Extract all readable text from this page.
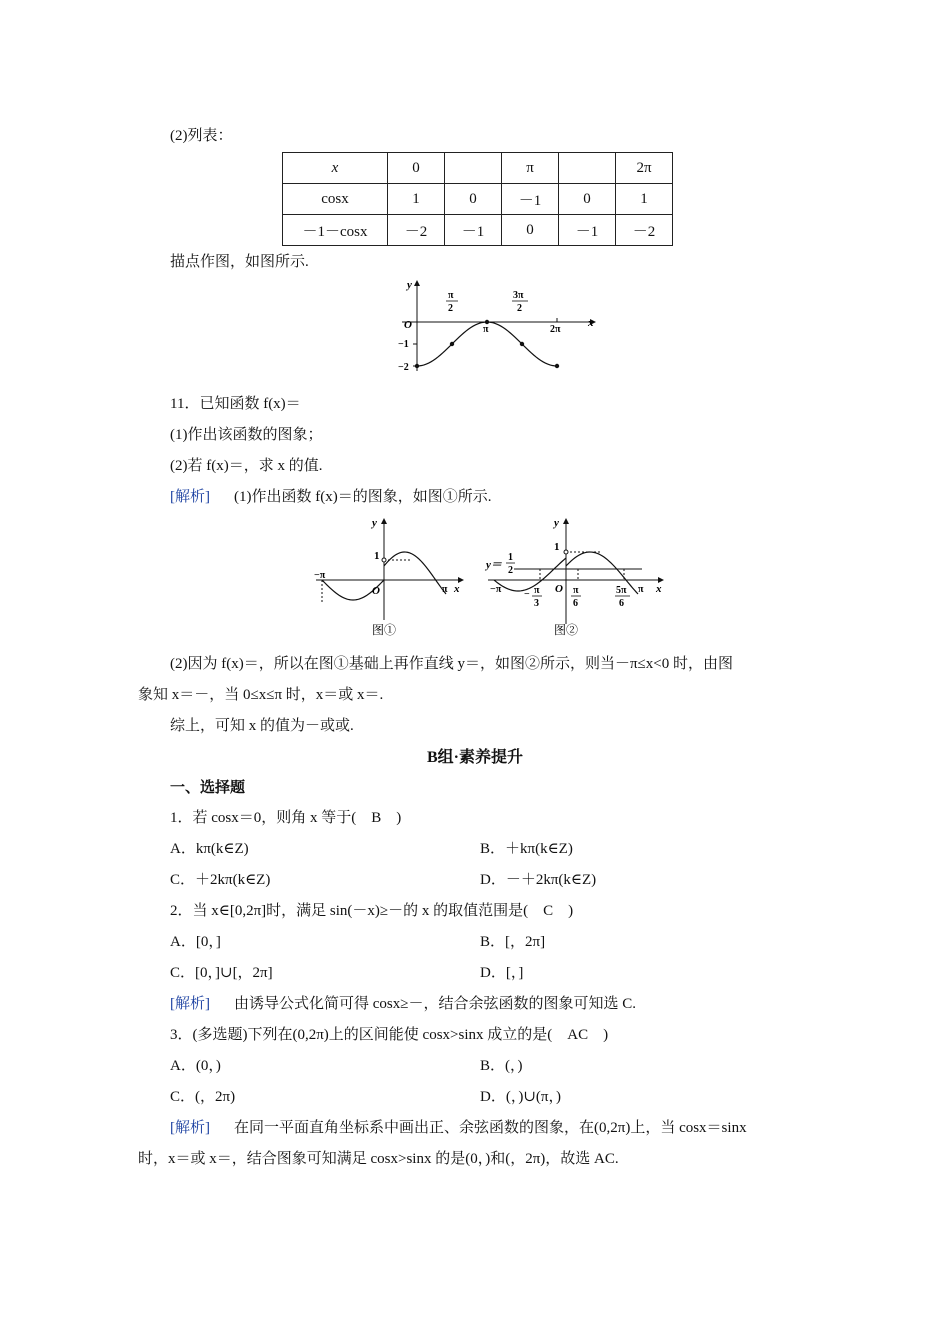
(2)列表：
x	0		π		2π
cosx	1	0	－1	0	1
－1－cosx	－2	－1	0	－1	－2
描点作图，如图所示.
y
x
O
−1
−2
π
2
3π
2
π	2π
11．已知函数 f(x)＝
(1)作出该函数的图象；
(2)若 f(x)＝，求 x 的值.
[解析] (1)作出函数 f(x)＝的图象，如图①所示.
y
x
O
1
−π
π
图①
y
x
O
1
y＝
1
2
−π − π
3
π
6
5π
6
π
图②
(2)因为 f(x)＝，所以在图①基础上再作直线 y＝，如图②所示，则当－π≤x<0 时，由图
象知 x＝－，当 0≤x≤π 时，x＝或 x＝.
综上，可知 x 的值为－或或.
B组·素养提升
一、选择题
1．若 cosx＝0，则角 x 等于(　B　)
A．kπ(k∈Z)	B．＋kπ(k∈Z)
C．＋2kπ(k∈Z)	D．－＋2kπ(k∈Z)
2．当 x∈[0,2π]时，满足 sin(－x)≥－的 x 的取值范围是(　C　)
A．[0，]	B．[，2π]
C．[0，]∪[，2π]	D．[，]
[解析] 由诱导公式化简可得 cosx≥－，结合余弦函数的图象可知选 C.
3．(多选题)下列在(0,2π)上的区间能使 cosx>sinx 成立的是(　AC　)
A．(0，)	B．(，)
C．(，2π)	D．(，)∪(π，)
[解析] 在同一平面直角坐标系中画出正、余弦函数的图象，在(0,2π)上，当 cosx＝sinx
时，x＝或 x＝，结合图象可知满足 cosx>sinx 的是(0，)和(，2π)，故选 AC.
